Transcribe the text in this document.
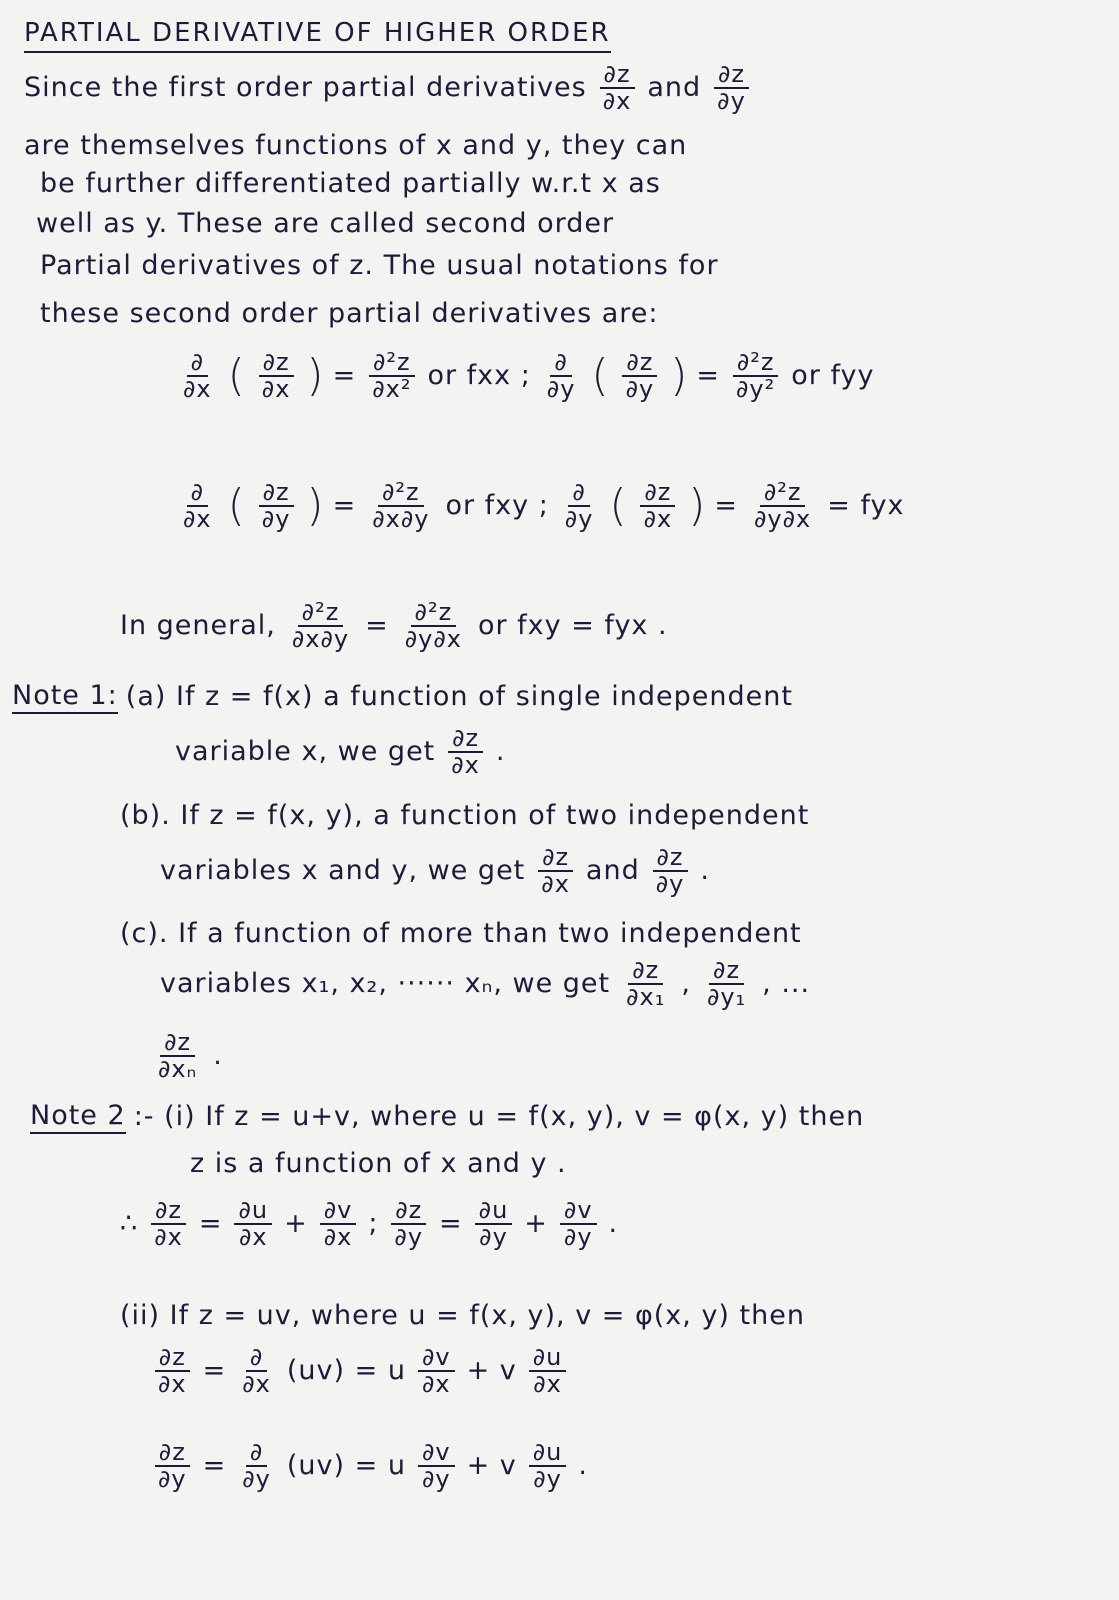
PARTIAL DERIVATIVE OF HIGHER ORDER
Since the first order partial derivatives $\frac{\partial z}{\partial x}$ and $\frac{\partial z}{\partial y}$
are themselves functions of x and y, they can
be further differentiated partially w.r.t x as
well as y. These are called second order
Partial derivatives of z. The usual notations for
these second order partial derivatives are:
$\frac{\partial}{\partial x}$ ( $\frac{\partial z}{\partial x}$ ) = $\frac{\text{∂²z}}{\text{∂x²}}$ or fxx ; $\frac{\partial}{\partial y}$ ( $\frac{\partial z}{\partial y}$ ) = $\frac{\text{∂²z}}{\text{∂y²}}$ or fyy
$\frac{\partial}{\partial x}$ ( $\frac{\partial z}{\partial y}$ ) = $\frac{\text{∂²z}}{\partial x\partial y}$ or fxy ; $\frac{\partial}{\partial y}$ ( $\frac{\partial z}{\partial x}$ ) = $\frac{\text{∂²z}}{\partial y\partial x}$ = fyx
In general, $\frac{\text{∂²z}}{\partial x\partial y} = \frac{\text{∂²z}}{\partial y\partial x}$ or fxy = fyx .
Note 1: (a) If z = f(x) a function of single independent
variable x, we get $\frac{\partial z}{\partial x}$ .
(b). If z = f(x, y), a function of two independent
variables x and y, we get $\frac{\partial z}{\partial x}$ and $\frac{\partial z}{\partial y}$ .
(c). If a function of more than two independent
variables x₁, x₂, ······ xₙ, we get $\frac{\partial z}{\text{∂x₁}}$ , $\frac{\partial z}{\text{∂y₁}}$ , ...
$\frac{\partial z}{\text{∂xₙ}}$ .
Note 2 :- (i) If z = u+v, where u = f(x, y), v = φ(x, y) then
z is a function of x and y .
∴ $\frac{\partial z}{\partial x} = \frac{\partial u}{\partial x} + \frac{\partial v}{\partial x}$ ; $\frac{\partial z}{\partial y} = \frac{\partial u}{\partial y} + \frac{\partial v}{\partial y}$ .
(ii) If z = uv, where u = f(x, y), v = φ(x, y) then
$\frac{\partial z}{\partial x} = \frac{\partial}{\partial x} (uv) = u \frac{\partial v}{\partial x} + v \frac{\partial u}{\partial x}$
$\frac{\partial z}{\partial y} = \frac{\partial}{\partial y} (uv) = u \frac{\partial v}{\partial y} + v \frac{\partial u}{\partial y}$ .
